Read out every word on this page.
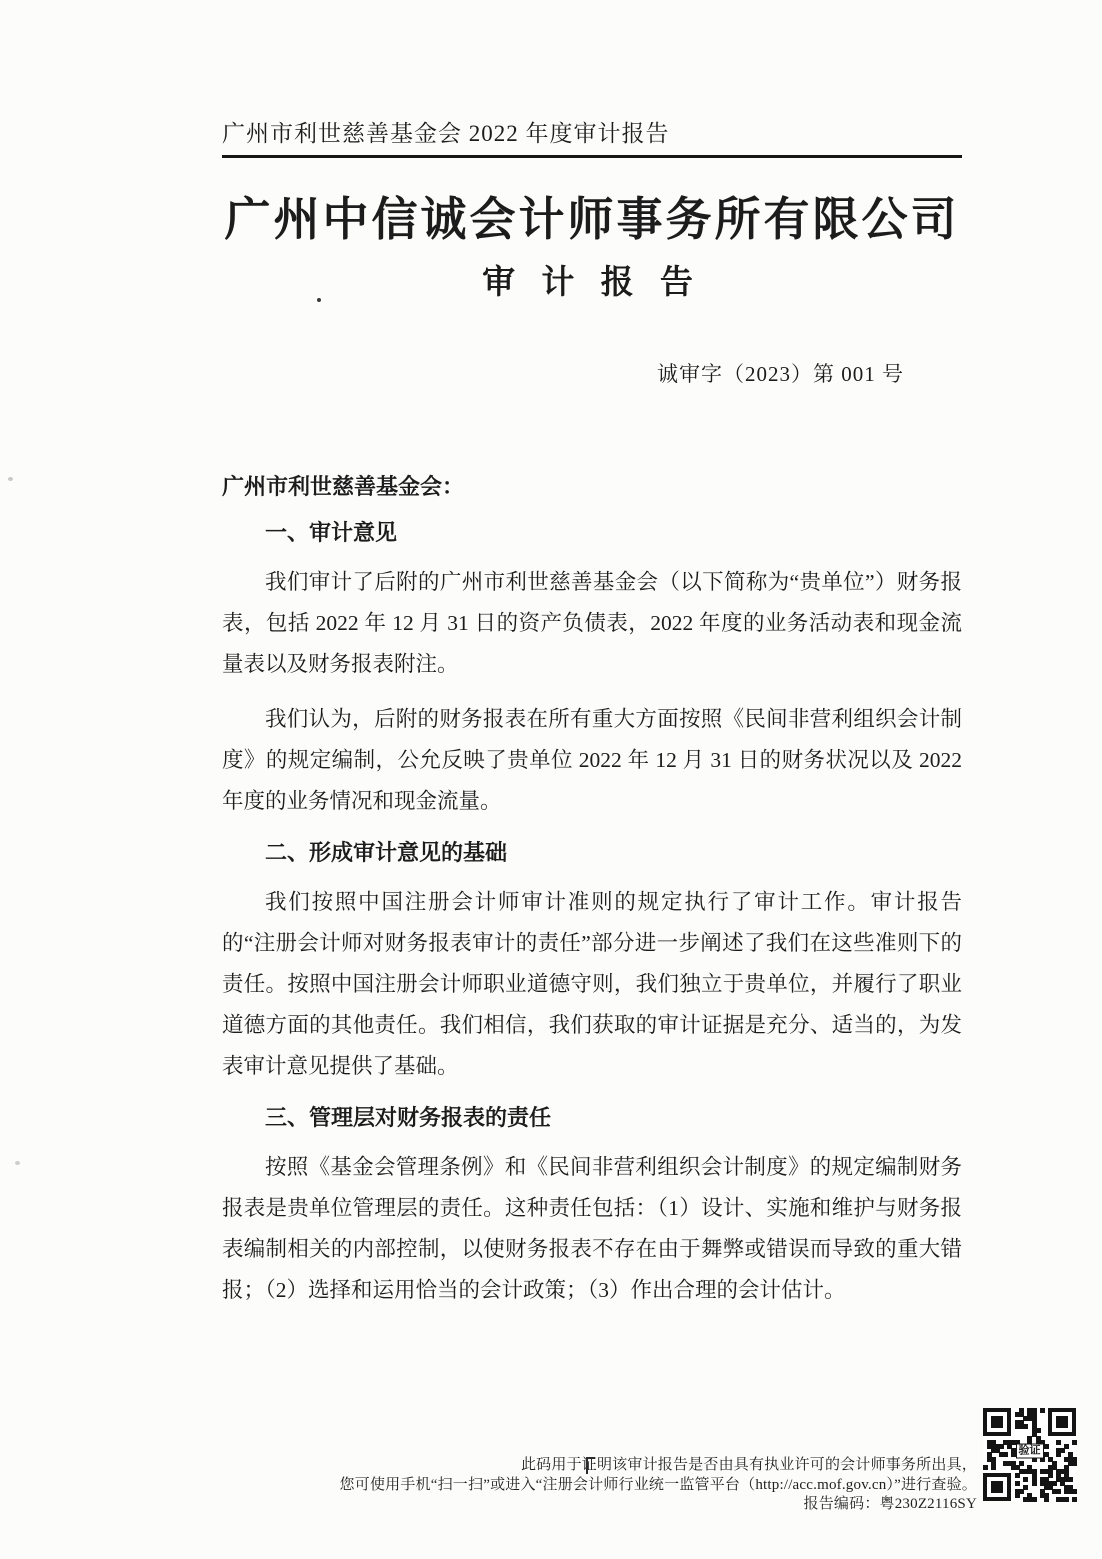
广州市利世慈善基金会 2022 年度审计报告
广州中信诚会计师事务所有限公司
审 计 报 告
诚审字（2023）第 001 号
广州市利世慈善基金会：
一、审计意见

我们审计了后附的广州市利世慈善基金会（以下简称为“贵单位”）财务报表，包括 2022 年 12 月 31 日的资产负债表，2022 年度的业务活动表和现金流量表以及财务报表附注。

我们认为，后附的财务报表在所有重大方面按照《民间非营利组织会计制度》的规定编制，公允反映了贵单位 2022 年 12 月 31 日的财务状况以及 2022 年度的业务情况和现金流量。

二、形成审计意见的基础

我们按照中国注册会计师审计准则的规定执行了审计工作。审计报告的“注册会计师对财务报表审计的责任”部分进一步阐述了我们在这些准则下的责任。按照中国注册会计师职业道德守则，我们独立于贵单位，并履行了职业道德方面的其他责任。我们相信，我们获取的审计证据是充分、适当的，为发表审计意见提供了基础。

三、管理层对财务报表的责任

按照《基金会管理条例》和《民间非营利组织会计制度》的规定编制财务报表是贵单位管理层的责任。这种责任包括：（1）设计、实施和维护与财务报表编制相关的内部控制，以使财务报表不存在由于舞弊或错误而导致的重大错报；（2）选择和运用恰当的会计政策；（3）作出合理的会计估计。

此码用于证明该审计报告是否由具有执业许可的会计师事务所出具，
您可使用手机“扫一扫”或进入“注册会计师行业统一监管平台（http://acc.mof.gov.cn）”进行查验。
报告编码：粤230Z2116SY
验证
